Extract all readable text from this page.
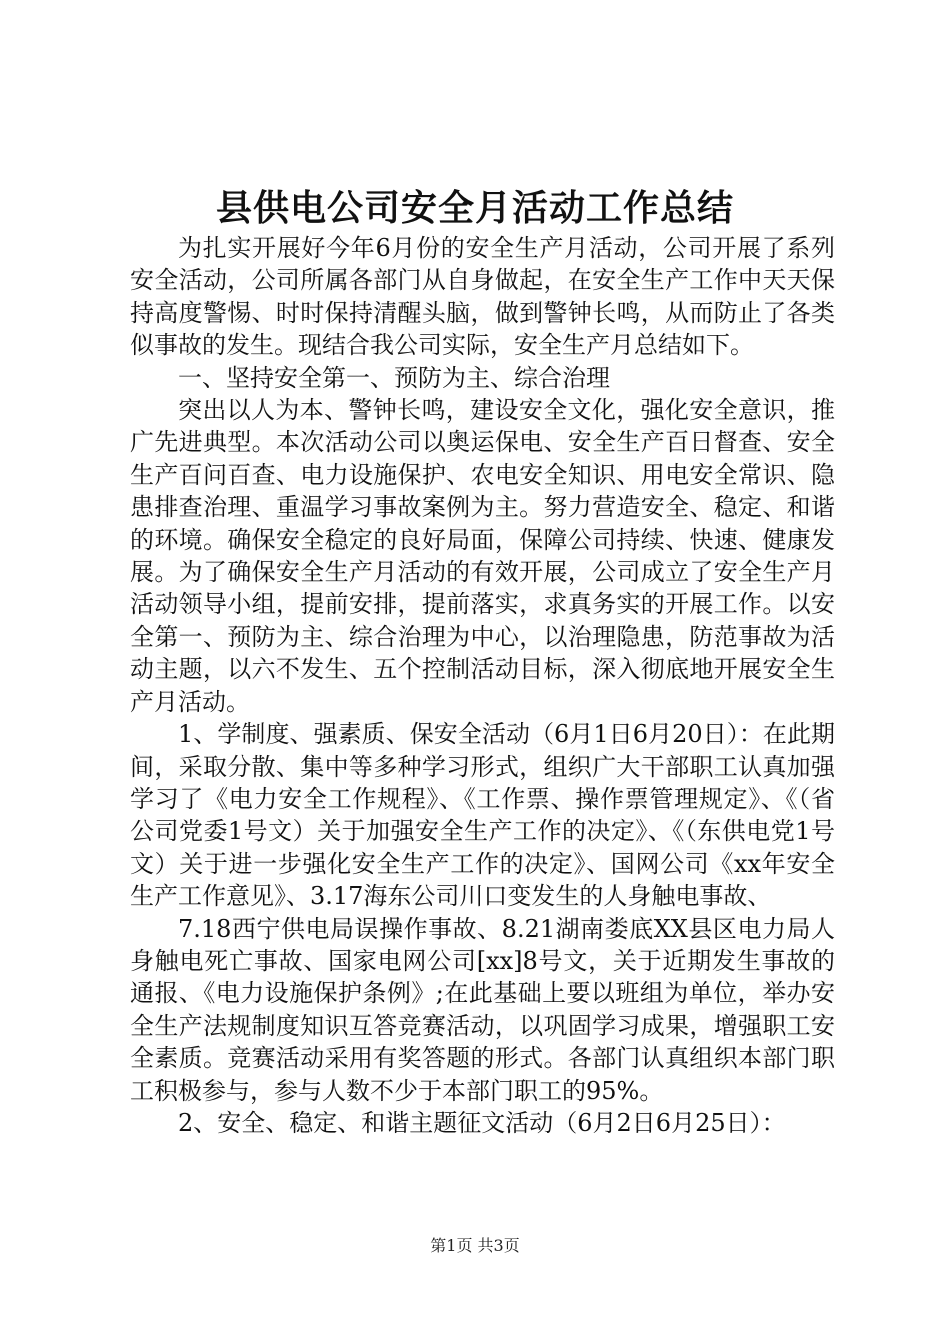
县供电公司安全月活动工作总结

为扎实开展好今年6月份的安全生产月活动，公司开展了系列安全活动，公司所属各部门从自身做起，在安全生产工作中天天保持高度警惕、时时保持清醒头脑，做到警钟长鸣，从而防止了各类似事故的发生。现结合我公司实际，安全生产月总结如下。

一、坚持安全第一、预防为主、综合治理

突出以人为本、警钟长鸣，建设安全文化，强化安全意识，推广先进典型。本次活动公司以奥运保电、安全生产百日督查、安全生产百问百查、电力设施保护、农电安全知识、用电安全常识、隐患排查治理、重温学习事故案例为主。努力营造安全、稳定、和谐的环境。确保安全稳定的良好局面，保障公司持续、快速、健康发展。为了确保安全生产月活动的有效开展，公司成立了安全生产月活动领导小组，提前安排，提前落实，求真务实的开展工作。以安全第一、预防为主、综合治理为中心，以治理隐患，防范事故为活动主题，以六不发生、五个控制活动目标，深入彻底地开展安全生产月活动。

1、学制度、强素质、保安全活动（6月1日6月20日）：在此期间，采取分散、集中等多种学习形式，组织广大干部职工认真加强学习了《电力安全工作规程》、《工作票、操作票管理规定》、《（省公司党委1号文）关于加强安全生产工作的决定》、《（东供电党1号文）关于进一步强化安全生产工作的决定》、国网公司《xx年安全生产工作意见》、3.17海东公司川口变发生的人身触电事故、

7.18西宁供电局误操作事故、8.21湖南娄底XX县区电力局人身触电死亡事故、国家电网公司[xx]8号文，关于近期发生事故的通报、《电力设施保护条例》;在此基础上要以班组为单位，举办安全生产法规制度知识互答竞赛活动，以巩固学习成果，增强职工安全素质。竞赛活动采用有奖答题的形式。各部门认真组织本部门职工积极参与，参与人数不少于本部门职工的95%。

2、安全、稳定、和谐主题征文活动（6月2日6月25日）：

第1页 共3页
